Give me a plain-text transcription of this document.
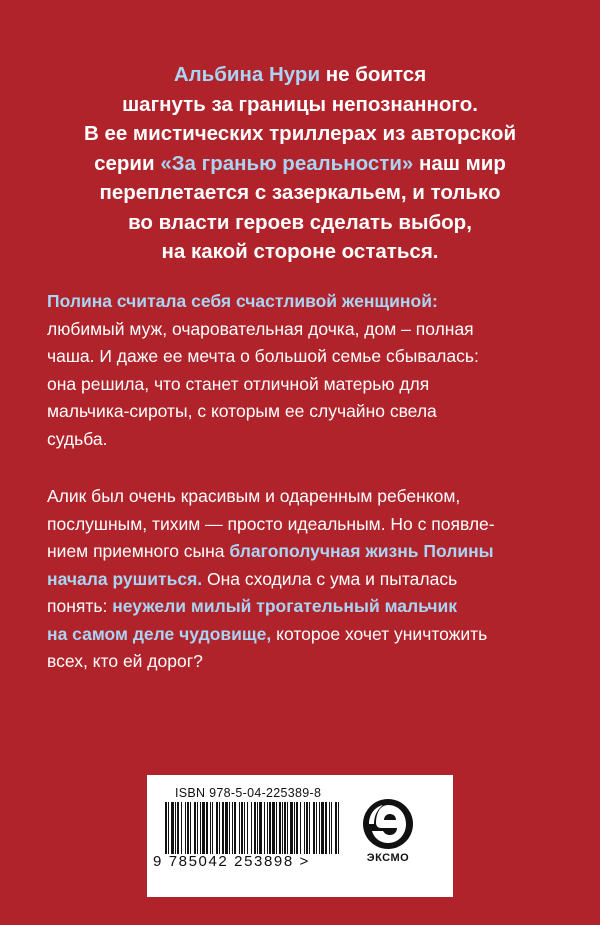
Альбина Нури не боится
шагнуть за границы непознанного.
В ее мистических триллерах из авторской
серии «За гранью реальности» наш мир
переплетается с зазеркальем, и только
во власти героев сделать выбор,
на какой стороне остаться.
Полина считала себя счастливой женщиной:
любимый муж, очаровательная дочка, дом – полная
чаша. И даже ее мечта о большой семье сбывалась:
она решила, что станет отличной матерью для
мальчика-сироты, с которым ее случайно свела
судьба.
Алик был очень красивым и одаренным ребенком,
послушным, тихим — просто идеальным. Но с появле-
нием приемного сына благополучная жизнь Полины
начала рушиться. Она сходила с ума и пыталась
понять: неужели милый трогательный мальчик
на самом деле чудовище, которое хочет уничтожить
всех, кто ей дорог?
ISBN 978-5-04-225389-8
9 785042 253898 >	ЭКСМО
